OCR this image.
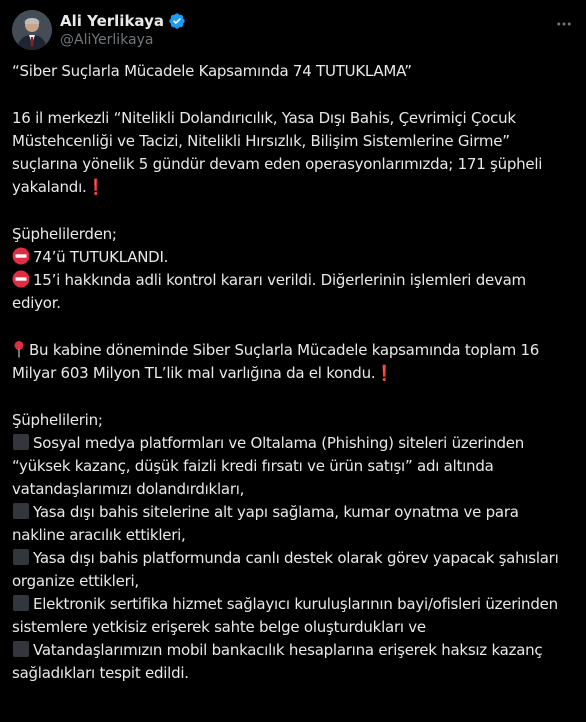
Ali Yerlikaya
@AliYerlikaya
“Siber Suçlarla Mücadele Kapsamında 74 TUTUKLAMA”
16 il merkezli “Nitelikli Dolandırıcılık, Yasa Dışı Bahis, Çevrimiçi Çocuk Müstehcenliği ve Tacizi, Nitelikli Hırsızlık, Bilişim Sistemlerine Girme” suçlarına yönelik 5 gündür devam eden operasyonlarımızda; 171 şüpheli yakalandı.❗
Şüphelilerden;
74’ü TUTUKLANDI.
15’i hakkında adli kontrol kararı verildi. Diğerlerinin işlemleri devam ediyor.
Bu kabine döneminde Siber Suçlarla Mücadele kapsamında toplam 16 Milyar 603 Milyon TL’lik mal varlığına da el kondu.❗
Şüphelilerin;
Sosyal medya platformları ve Oltalama (Phishing) siteleri üzerinden “yüksek kazanç, düşük faizli kredi fırsatı ve ürün satışı” adı altında vatandaşlarımızı dolandırdıkları,
Yasa dışı bahis sitelerine alt yapı sağlama, kumar oynatma ve para nakline aracılık ettikleri,
Yasa dışı bahis platformunda canlı destek olarak görev yapacak şahısları organize ettikleri,
Elektronik sertifika hizmet sağlayıcı kuruluşlarının bayi/ofisleri üzerinden sistemlere yetkisiz erişerek sahte belge oluşturdukları ve
Vatandaşlarımızın mobil bankacılık hesaplarına erişerek haksız kazanç sağladıkları tespit edildi.
